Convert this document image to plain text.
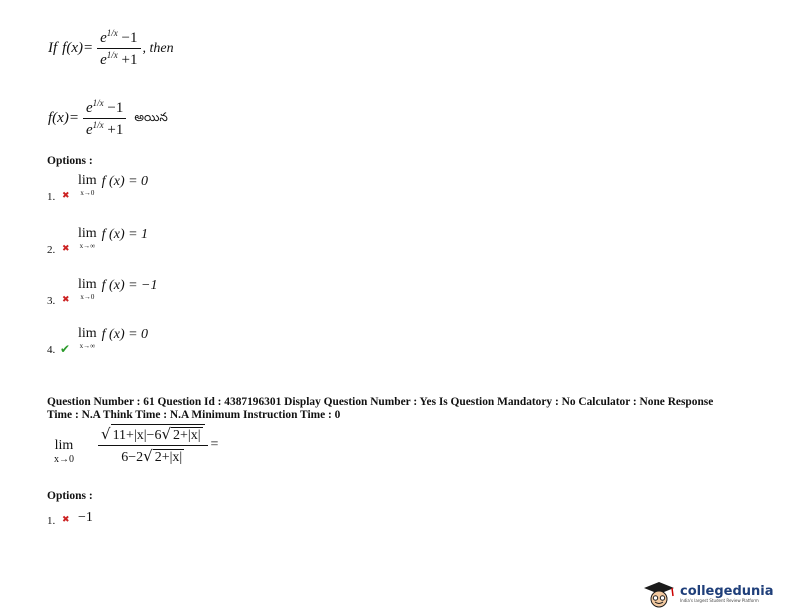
If $f(x)= \frac{e^{1/x} -1}{e^{1/x} +1}$ , then
$f(x)= \frac{e^{1/x} -1}{e^{1/x} +1}$ అయిన
Options :
lim
x→0
f (x) = 0
1. ✖
lim
x→∞
f (x) = 1
2. ✖
lim
x→0
f (x) = −1
3. ✖
lim
x→∞
f (x) = 0
4. ✔
Question Number : 61 Question Id : 4387196301 Display Question Number : Yes Is Question Mandatory : No Calculator : None Response
Time : N.A Think Time : N.A Minimum Instruction Time : 0
lim
$x\to 0 \frac{√ 11+|x|-6√ 2+|x|}{6-2√ 2+|x|}$ =
Options :
1. ✖ −1
collegedunia
India's largest Student Review Platform
